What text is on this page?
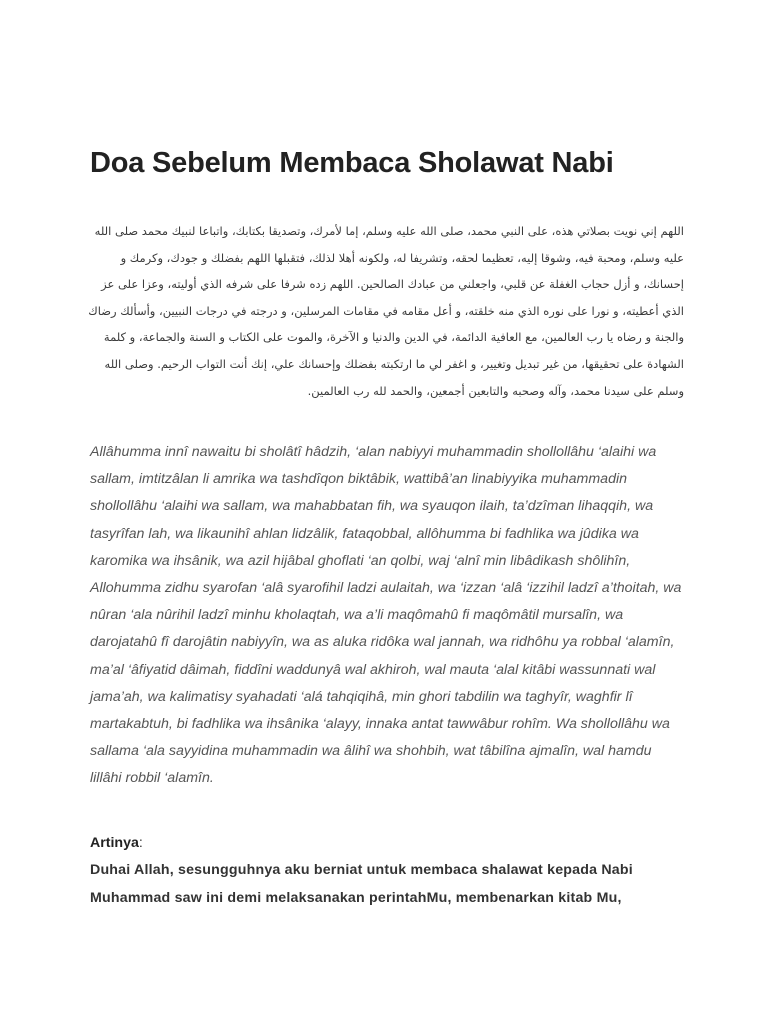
Doa Sebelum Membaca Sholawat Nabi

اللهم إني نويت بصلاتي هذه، على النبي محمد، صلى الله عليه وسلم، إما لأمرك، وتصديقا بكتابك، واتباعا لنبيك محمد صلى الله عليه وسلم، ومحبة فيه، وشوقا إليه، تعظيما لحقه، وتشريفا له، ولكونه أهلا لذلك، فتقبلها اللهم بفضلك و جودك، وكرمك و إحسانك، و أزل حجاب الغفلة عن قلبي، واجعلني من عبادك الصالحين. اللهم زده شرفا على شرفه الذي أوليته، وعزا على عز الذي أعطيته، و نورا على نوره الذي منه خلقته، و أعل مقامه في مقامات المرسلين، و درجته في درجات النبيين، وأسألك رضاك والجنة و رضاه يا رب العالمين، مع العافية الدائمة، في الدين والدنيا و الآخرة، والموت على الكتاب و السنة والجماعة، و كلمة الشهادة على تحقيقها، من غير تبديل وتغيير، و اغفر لي ما ارتكبته بفضلك وإحسانك علي، إنك أنت التواب الرحيم. وصلى الله وسلم على سيدنا محمد، وآله وصحبه والتابعين أجمعين، والحمد لله رب العالمين.

Allâhumma innî nawaitu bi sholâtî hâdzih, ‘alan nabiyyi muhammadin shollollâhu ‘alaihi wa sallam, imtitzâlan li amrika wa tashdîqon biktâbik, wattibâ’an linabiyyika muhammadin shollollâhu ‘alaihi wa sallam, wa mahabbatan fih, wa syauqon ilaih, ta’dzîman lihaqqih, wa tasyrîfan lah, wa likaunihî ahlan lidzâlik, fataqobbal, allôhumma bi fadhlika wa jûdika wa karomika wa ihsânik, wa azil hijâbal ghoflati ‘an qolbi, waj ‘alnî min libâdikash shôlihîn, Allohumma zidhu syarofan ‘alâ syarofihil ladzi aulaitah, wa ‘izzan ‘alâ ‘izzihil ladzî a’thoitah, wa nûran ‘ala nûrihil ladzî minhu kholaqtah, wa a’li maqômahû fi maqômâtil mursalîn, wa darojatahû fî darojâtin nabiyyîn, wa as aluka ridôka wal jannah, wa ridhôhu ya robbal ‘alamîn, ma’al ‘âfiyatid dâimah, fiddîni waddunyâ wal akhiroh, wal mauta ‘alal kitâbi wassunnati wal jama’ah, wa kalimatisy syahadati ‘alá tahqiqihâ, min ghori tabdilin wa taghyîr, waghfir lî martakabtuh, bi fadhlika wa ihsânika ‘alayy, innaka antat tawwâbur rohîm. Wa shollollâhu wa sallama ‘ala sayyidina muhammadin wa âlihî wa shohbih, wat tâbilîna ajmalîn, wal hamdu lillâhi robbil ‘alamîn.

Artinya:

Duhai Allah, sesungguhnya aku berniat untuk membaca shalawat kepada Nabi Muhammad saw ini demi melaksanakan perintahMu, membenarkan kitab Mu,
